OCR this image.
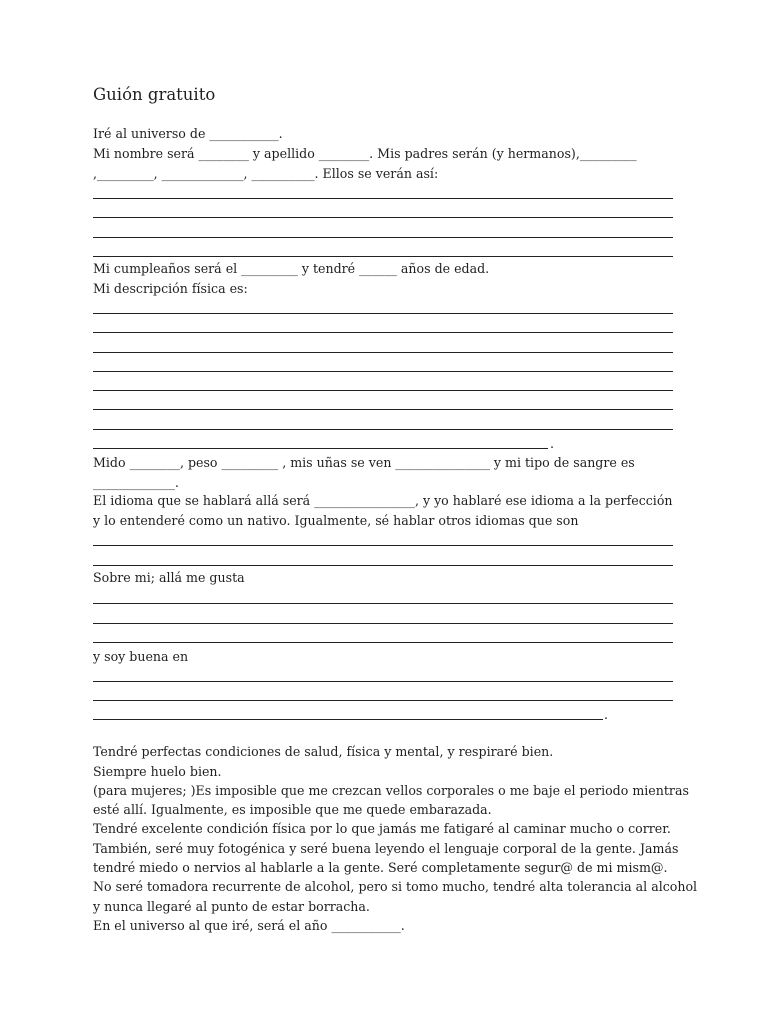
Guión gratuito
Iré al universo de ___________.
Mi nombre será ________ y apellido ________. Mis padres serán (y hermanos),_________
,_________, _____________, __________. Ellos se verán así:
Mi cumpleaños será el _________ y tendré ______ años de edad.
Mi descripción física es:
.
Mido ________, peso _________ , mis uñas se ven _______________ y mi tipo de sangre es
_____________.
El idioma que se hablará allá será ________________, y yo hablaré ese idioma a la perfección
y lo entenderé como un nativo. Igualmente, sé hablar otros idiomas que son
Sobre mi; allá me gusta
y soy buena en
.
Tendré perfectas condiciones de salud, física y mental, y respiraré bien.
Siempre huelo bien.
(para mujeres; )Es imposible que me crezcan vellos corporales o me baje el periodo mientras
esté allí. Igualmente, es imposible que me quede embarazada.
Tendré excelente condición física por lo que jamás me fatigaré al caminar mucho o correr.
También, seré muy fotogénica y seré buena leyendo el lenguaje corporal de la gente. Jamás
tendré miedo o nervios al hablarle a la gente. Seré completamente segur@ de mi mism@.
No seré tomadora recurrente de alcohol, pero si tomo mucho, tendré alta tolerancia al alcohol
y nunca llegaré al punto de estar borracha.
En el universo al que iré, será el año ___________.
